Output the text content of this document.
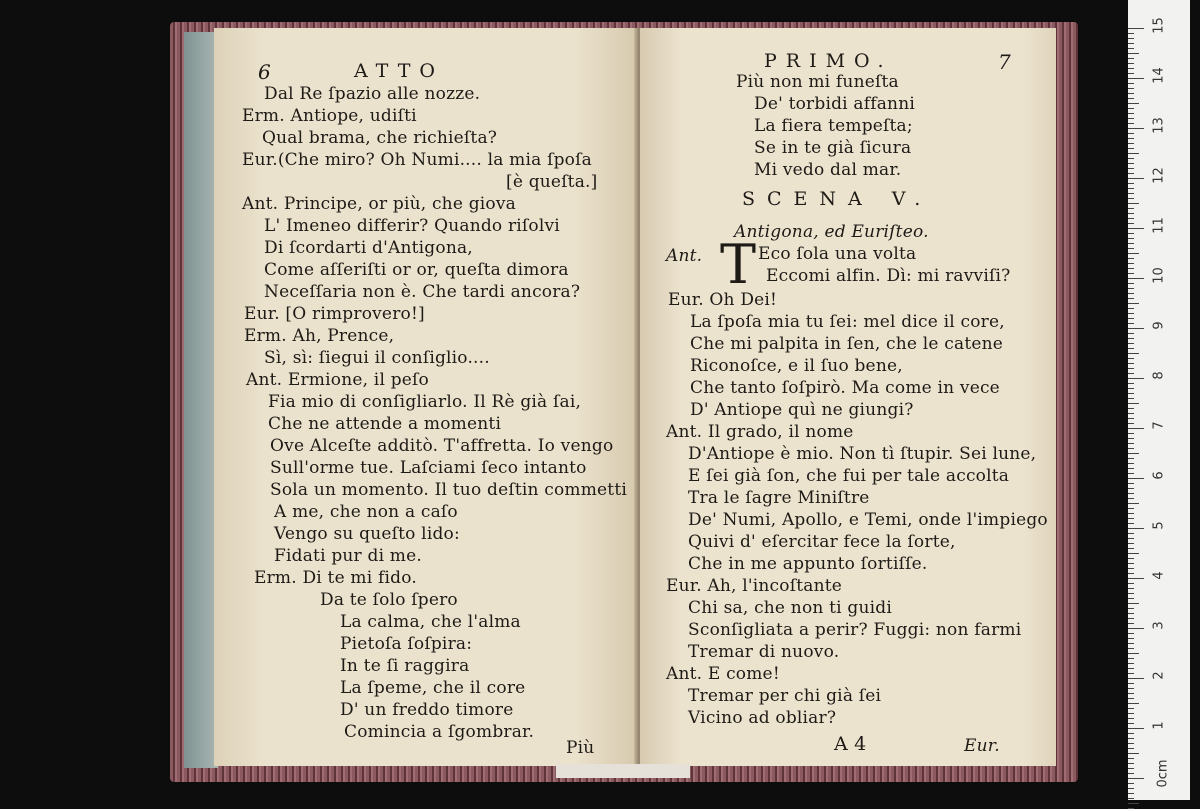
6	ATTO
Dal Re ſpazio alle nozze.
Erm. Antiope, udiſti
Qual brama, che richieſta?
Eur.(Che miro? Oh Numi.... la mia ſpoſa
[è queſta.]
Ant. Principe, or più, che giova
L' Imeneo differir? Quando riſolvi
Di ſcordarti d'Antigona,
Come aſſeriſti or or, queſta dimora
Neceſſaria non è. Che tardi ancora?
Eur. [O rimprovero!]
Erm. Ah, Prence,
Sì, sì: ſiegui il conſiglio....
Ant. Ermione, il peſo
Fia mio di conſigliarlo. Il Rè già ſai,
Che ne attende a momenti
Ove Alceſte additò. T'affretta. Io vengo
Sull'orme tue. Laſciami ſeco intanto
Sola un momento. Il tuo deſtin commetti
A me, che non a caſo
Vengo su queſto lido:
Fidati pur di me.
Erm. Di te mi fido.
Da te ſolo ſpero
La calma, che l'alma
Pietoſa ſoſpira:
In te ſi raggira
La ſpeme, che il core
D' un freddo timore
Comincia a ſgombrar.
Più
PRIMO.	7
Più non mi funeſta
De' torbidi affanni
La fiera tempeſta;
Se in te già ſicura
Mi vedo dal mar.
SCENA V.
Antigona, ed Euriſteo.
Ant. T Eco ſola una volta
Eccomi alfin. Dì: mi ravviſi?
Eur. Oh Dei!
La ſpoſa mia tu ſei: mel dice il core,
Che mi palpita in ſen, che le catene
Riconoſce, e il ſuo bene,
Che tanto ſoſpirò. Ma come in vece
D' Antiope quì ne giungi?
Ant. Il grado, il nome
D'Antiope è mio. Non tì ſtupir. Sei lune,
E ſei già ſon, che fui per tale accolta
Tra le ſagre Miniſtre
De' Numi, Apollo, e Temi, onde l'impiego
Quivi d' eſercitar fece la ſorte,
Che in me appunto ſortiſſe.
Eur. Ah, l'incoſtante
Chi sa, che non ti guidi
Sconſigliata a perir? Fuggi: non farmi
Tremar di nuovo.
Ant. E come!
Tremar per chi già ſei
Vicino ad obliar?
A 4	Eur.
15
14
13
12
11
10
9
8
7
6
5
4
3
2
1
0cm
